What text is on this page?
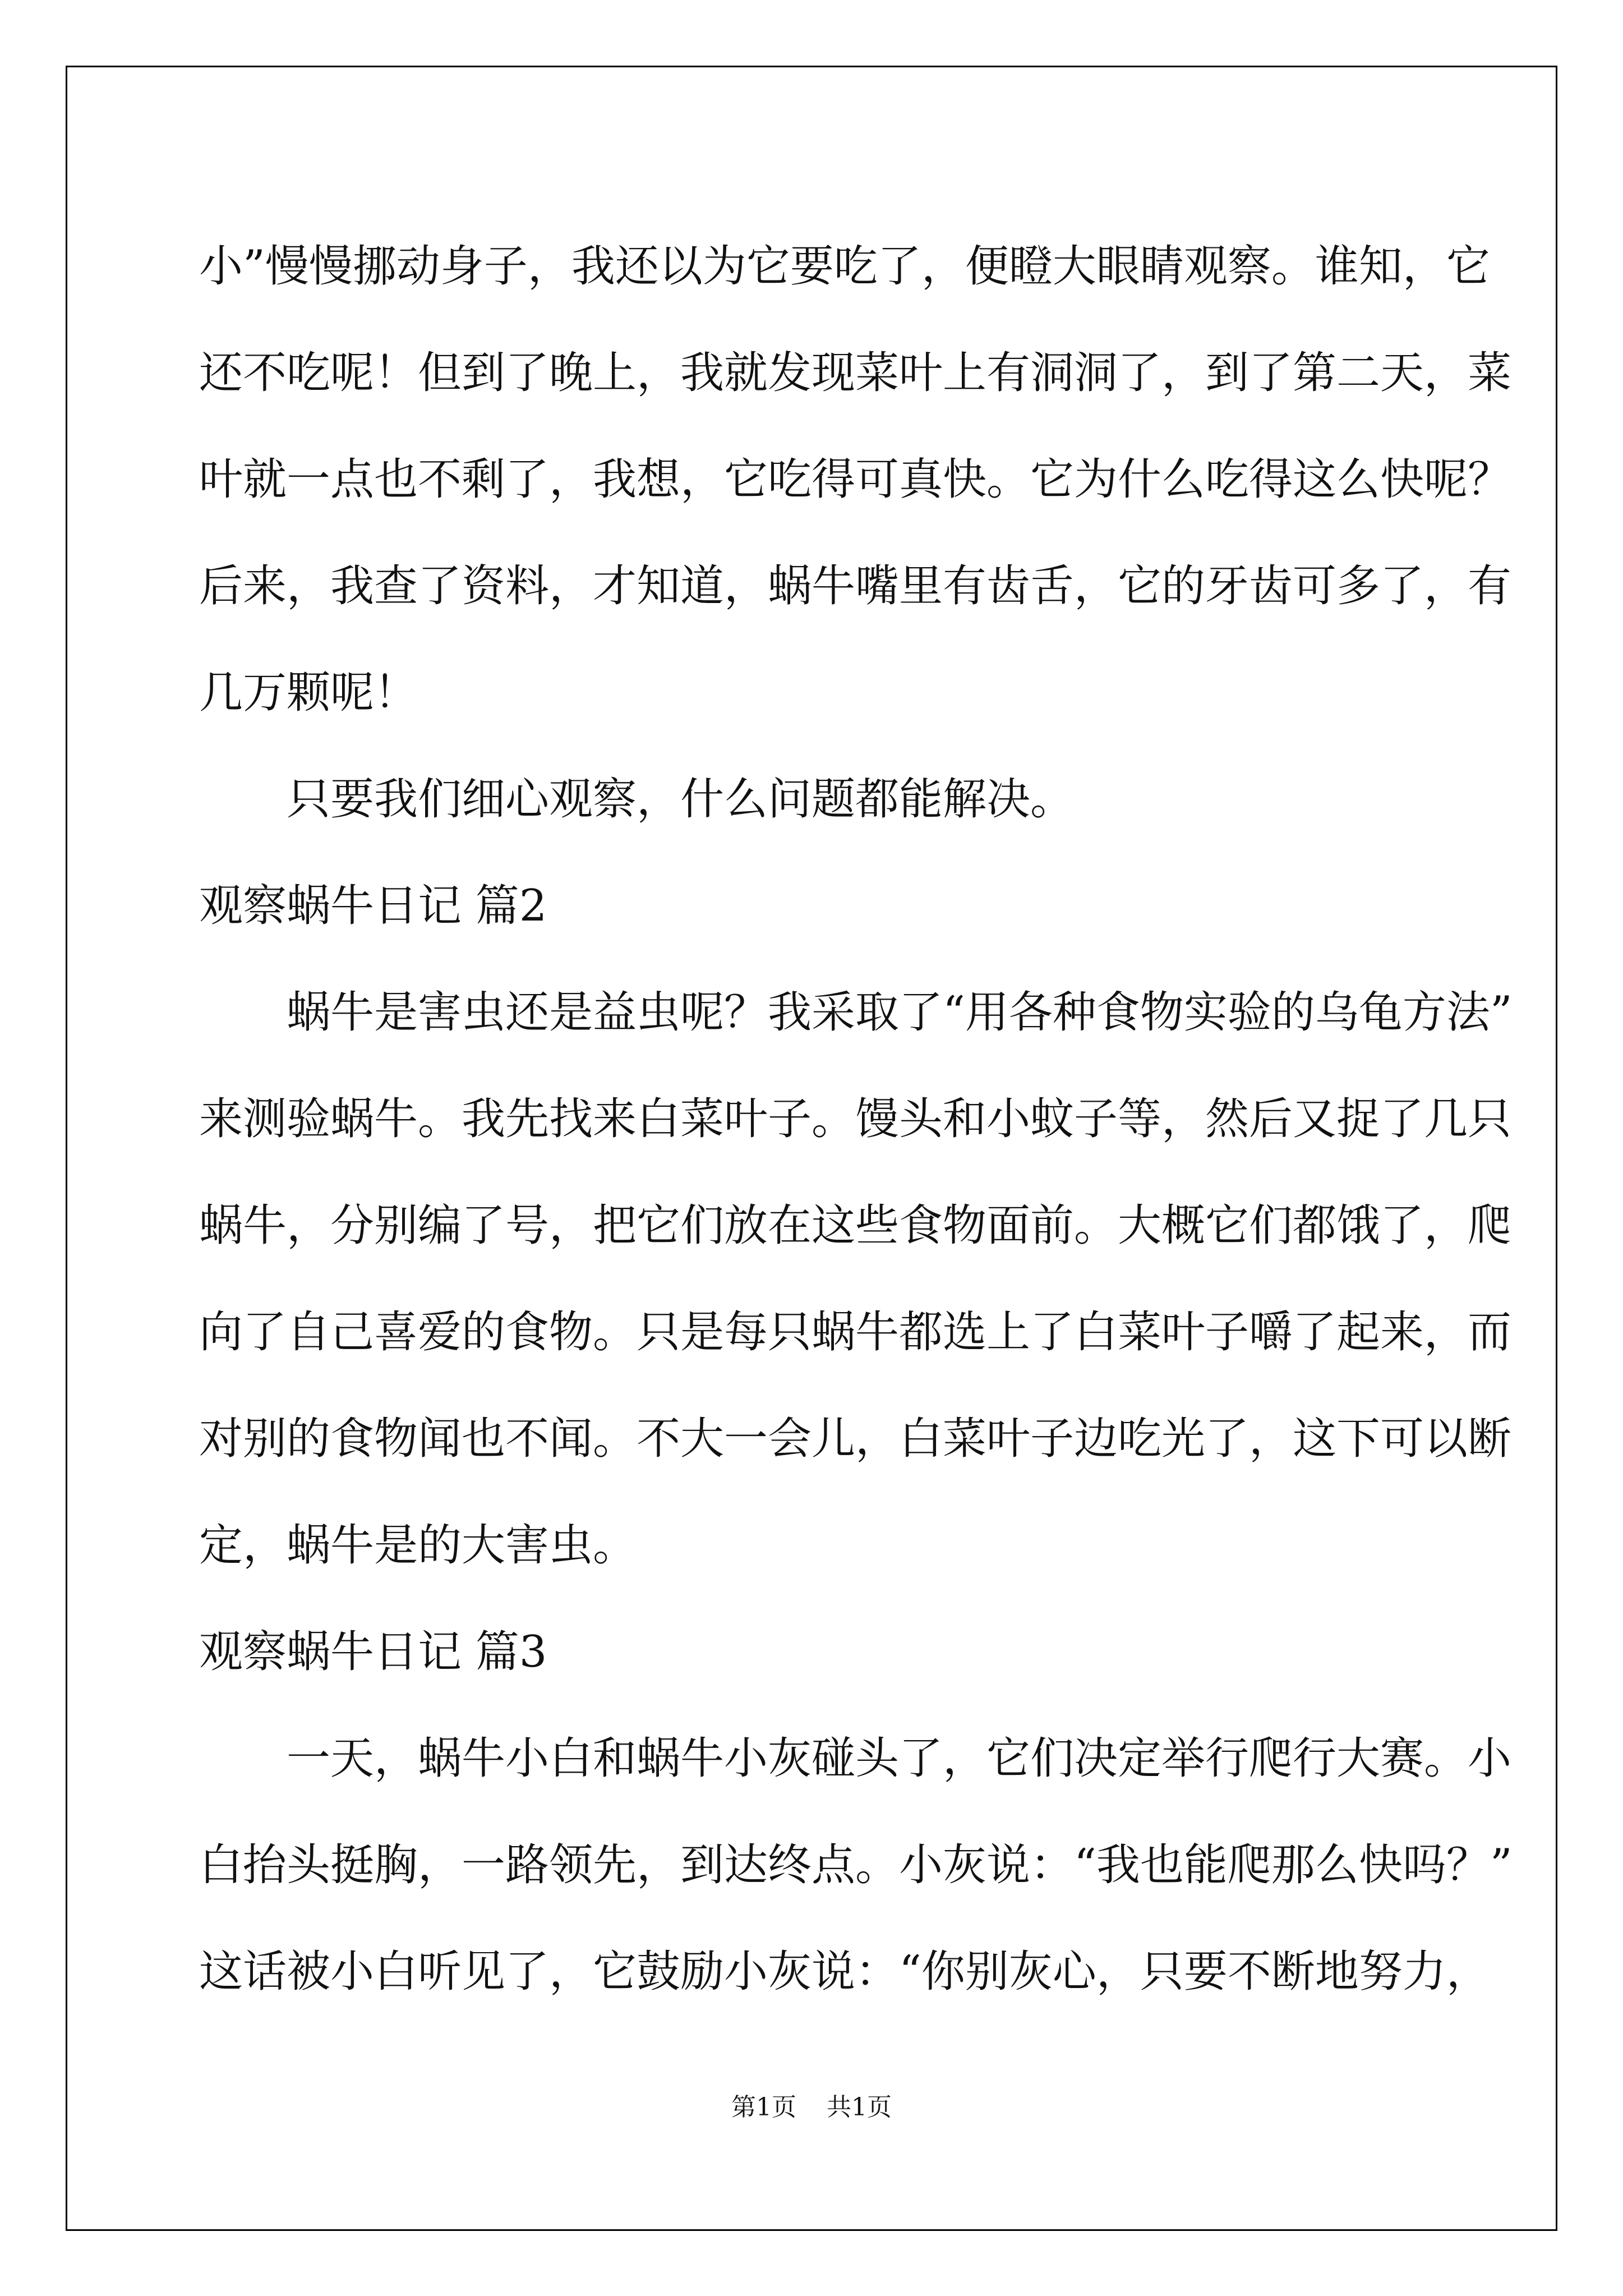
小”慢慢挪动身子，我还以为它要吃了，便瞪大眼睛观察。谁知，它
还不吃呢！但到了晚上，我就发现菜叶上有洞洞了，到了第二天，菜
叶就一点也不剩了，我想，它吃得可真快。它为什么吃得这么快呢？
后来，我查了资料，才知道，蜗牛嘴里有齿舌，它的牙齿可多了，有
几万颗呢！
只要我们细心观察，什么问题都能解决。
观察蜗牛日记 篇2
蜗牛是害虫还是益虫呢？我采取了“用各种食物实验的乌龟方法”
来测验蜗牛。我先找来白菜叶子。馒头和小蚊子等，然后又捉了几只
蜗牛，分别编了号，把它们放在这些食物面前。大概它们都饿了，爬
向了自己喜爱的食物。只是每只蜗牛都选上了白菜叶子嚼了起来，而
对别的食物闻也不闻。不大一会儿，白菜叶子边吃光了，这下可以断
定，蜗牛是的大害虫。
观察蜗牛日记 篇3
一天，蜗牛小白和蜗牛小灰碰头了，它们决定举行爬行大赛。小
白抬头挺胸，一路领先，到达终点。小灰说：“我也能爬那么快吗？”
这话被小白听见了，它鼓励小灰说：“你别灰心，只要不断地努力，
第1页 共1页
